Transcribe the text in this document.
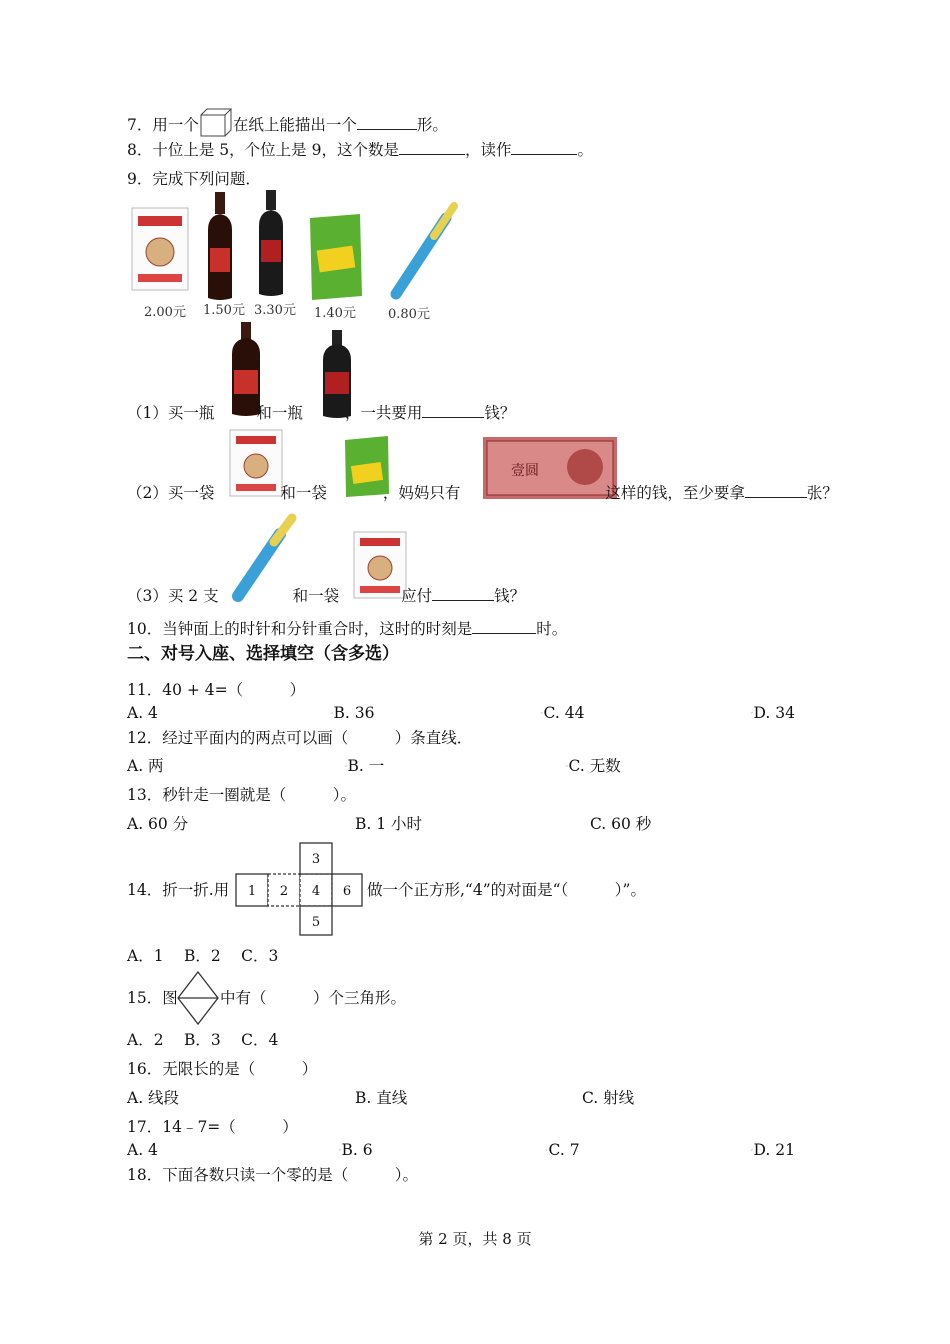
7．用一个 在纸上能描出一个	形。
8．十位上是 5，个位上是 9，这个数是	，读作	。
9．完成下列问题．
2.00元 1.50元 3.30元 1.40元 0.80元
（1）买一瓶	和一瓶	，一共要用	钱？
壹圆
（2）买一袋	和一袋	，妈妈只有	这样的钱，至少要拿	张？
（3）买 2 支	和一袋	应付	钱？
10．当钟面上的时针和分针重合时，这时的时刻是	时。
二、对号入座、选择填空（含多选）
11．40 + 4=（　　　）
A. 4	◦B. 36	◦C. 44	◦D. 34
12．经过平面内的两点可以画（　　　）条直线．
A. 两	◦B. 一	◦C. 无数
13．秒针走一圈就是（　　　）。
A. 60 分	B. 1 小时	C. 60 秒
14．折一折.用 1 2
3
4
5
6 做一个正方形,“4”的对面是“（　　　）”。
A．1　 B．2　 C．3
15．图	中有（　　　）个三角形。
A．2　 B．3　 C．4
16．无限长的是（　　　）
A. 线段	B. 直线	C. 射线
17．14﹣7=（　　　）
A. 4	◦B. 6	◦C. 7	◦D. 21
18．下面各数只读一个零的是（　　　）。
第 2 页，共 8 页
